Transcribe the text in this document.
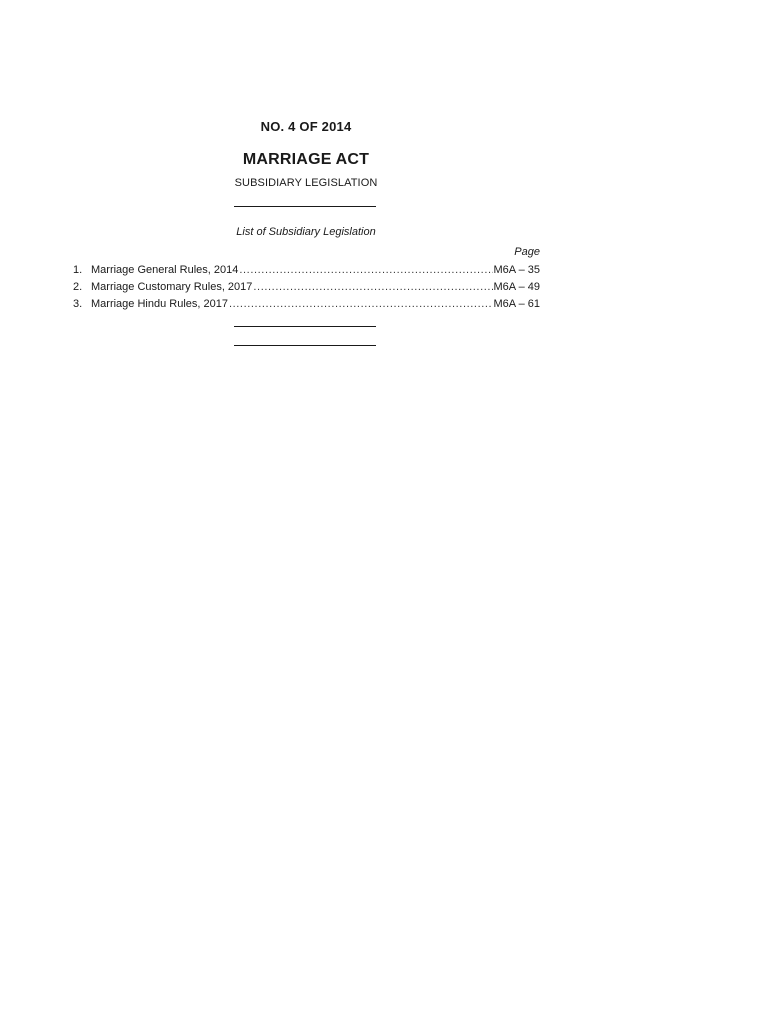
NO. 4 OF 2014
MARRIAGE ACT
SUBSIDIARY LEGISLATION
List of Subsidiary Legislation
Page
1. Marriage General Rules, 2014 .....	M6A – 35
2. Marriage Customary Rules, 2017 .....	M6A – 49
3. Marriage Hindu Rules, 2017 .....	M6A – 61
